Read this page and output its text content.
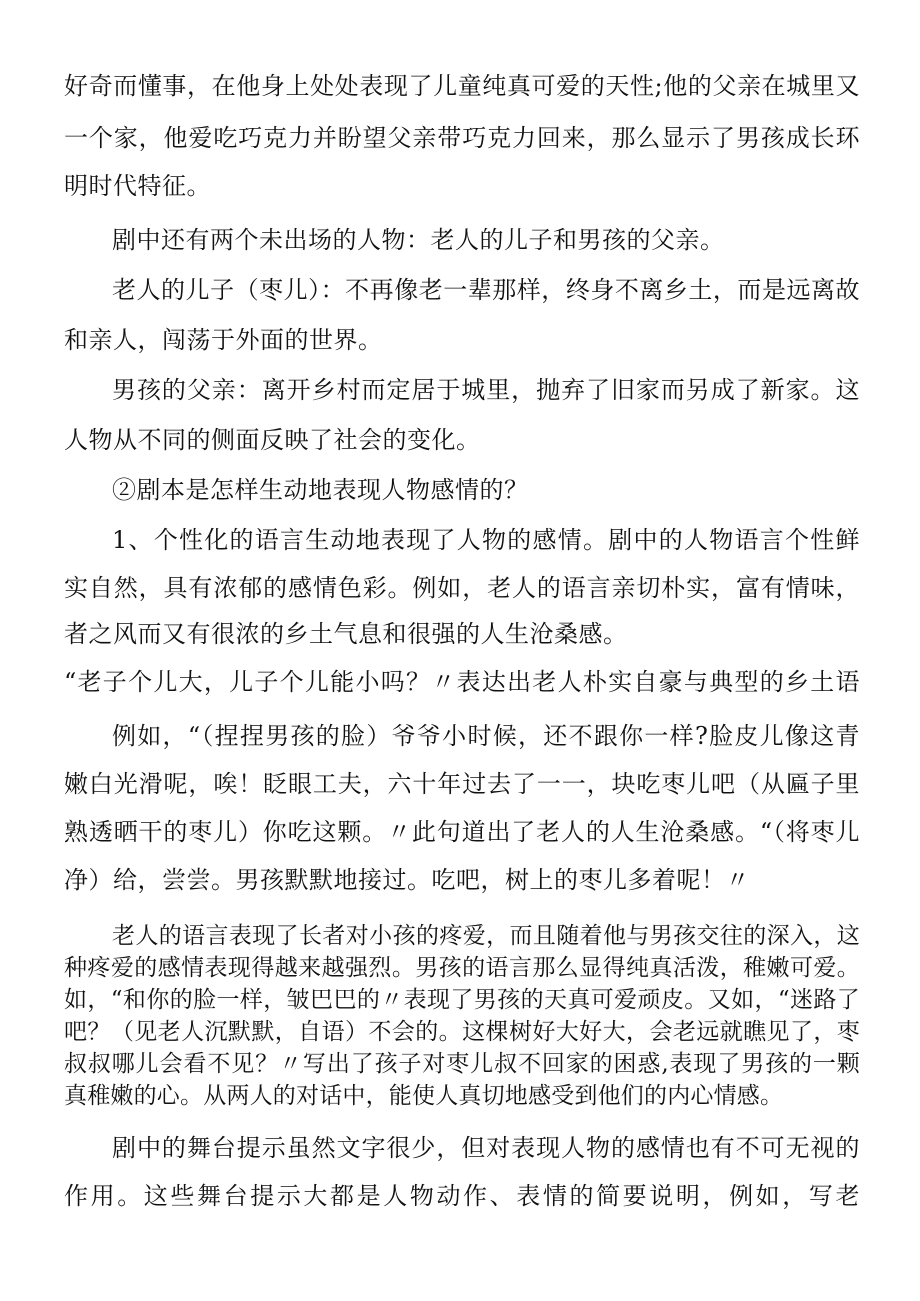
好奇而懂事，在他身上处处表现了儿童纯真可爱的天性;他的父亲在城里又

一个家，他爱吃巧克力并盼望父亲带巧克力回来，那么显示了男孩成长环

明时代特征。

剧中还有两个未出场的人物：老人的儿子和男孩的父亲。

老人的儿子（枣儿）：不再像老一辈那样，终身不离乡土，而是远离故

和亲人，闯荡于外面的世界。

男孩的父亲：离开乡村而定居于城里，抛弃了旧家而另成了新家。这

人物从不同的侧面反映了社会的变化。

②剧本是怎样生动地表现人物感情的？

1、个性化的语言生动地表现了人物的感情。剧中的人物语言个性鲜

实自然，具有浓郁的感情色彩。例如，老人的语言亲切朴实，富有情味，

者之风而又有很浓的乡土气息和很强的人生沧桑感。

“老子个儿大，儿子个儿能小吗？〃表达出老人朴实自豪与典型的乡土语

例如，“（捏捏男孩的脸）爷爷小时候，还不跟你一样?脸皮儿像这青

嫩白光滑呢，唉！眨眼工夫，六十年过去了一一，块吃枣儿吧（从匾子里

熟透晒干的枣儿）你吃这颗。〃此句道出了老人的人生沧桑感。“（将枣儿

净）给，尝尝。男孩默默地接过。吃吧，树上的枣儿多着呢！〃

老人的语言表现了长者对小孩的疼爱，而且随着他与男孩交往的深入，这

种疼爱的感情表现得越来越强烈。男孩的语言那么显得纯真活泼，稚嫩可爱。

如，“和你的脸一样，皱巴巴的〃表现了男孩的天真可爱顽皮。又如，“迷路了

吧？（见老人沉默默，自语）不会的。这棵树好大好大，会老远就瞧见了，枣

叔叔哪儿会看不见？〃写出了孩子对枣儿叔不回家的困惑,表现了男孩的一颗

真稚嫩的心。从两人的对话中，能使人真切地感受到他们的内心情感。

剧中的舞台提示虽然文字很少，但对表现人物的感情也有不可无视的

作用。这些舞台提示大都是人物动作、表情的简要说明，例如，写老
